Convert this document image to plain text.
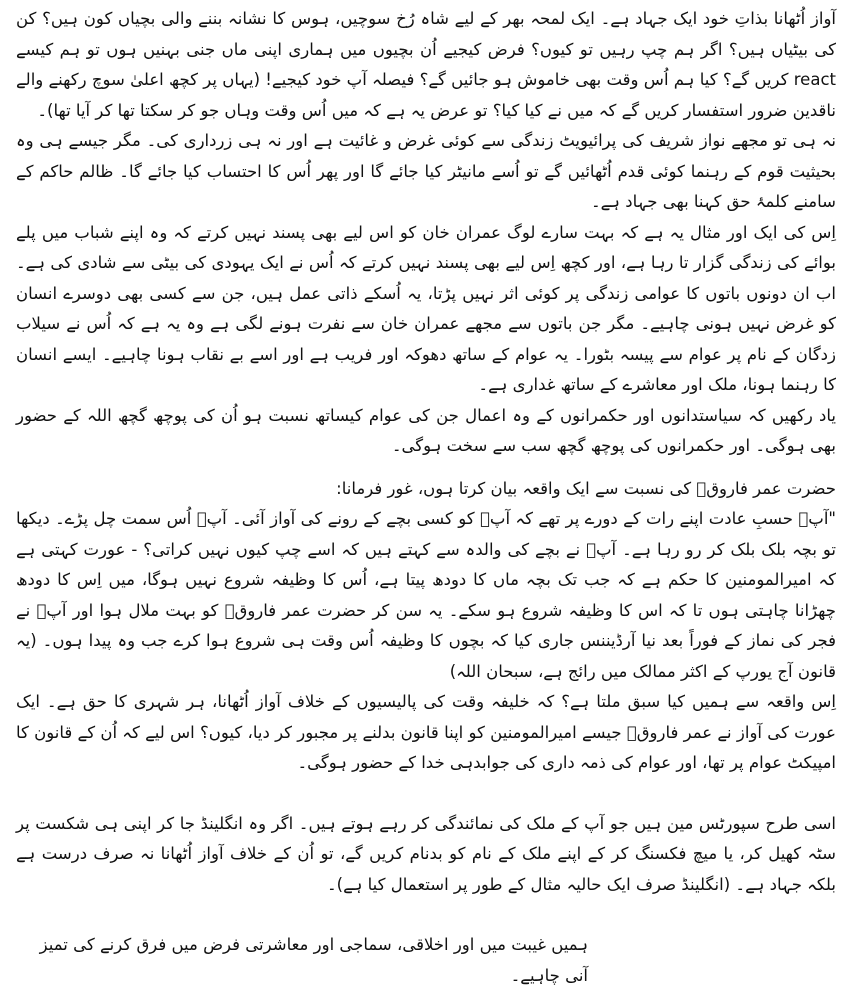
آواز اُٹھانا بذاتِ خود ایک جہاد ہے۔ ایک لمحہ بھر کے لیے شاہ رُخ سوچیں، ہوس کا نشانہ بننے والی بچیاں کون ہیں؟ کن کی بیٹیاں ہیں؟ اگر ہم چپ رہیں تو کیوں؟ فرض کیجیے اُن بچیوں میں ہماری اپنی ماں جنی بہنیں ہوں تو ہم کیسے react کریں گے؟ کیا ہم اُس وقت بھی خاموش ہو جائیں گے؟ فیصلہ آپ خود کیجیے! (یہاں پر کچھ اعلیٰ سوچ رکھنے والے ناقدین ضرور استفسار کریں گے کہ میں نے کیا کیا؟ تو عرض یہ ہے کہ میں اُس وقت وہاں جو کر سکتا تھا کر آیا تھا)۔

نہ ہی تو مجھے نواز شریف کی پرائیویٹ زندگی سے کوئی غرض و غائیت ہے اور نہ ہی زرداری کی۔ مگر جیسے ہی وہ بحیثیت قوم کے رہنما کوئی قدم اُٹھائیں گے تو اُسے مانیٹر کیا جائے گا اور پھر اُس کا احتساب کیا جائے گا۔ ظالم حاکم کے سامنے کلمۂ حق کہنا بھی جہاد ہے۔

اِس کی ایک اور مثال یہ ہے کہ بہت سارے لوگ عمران خان کو اس لیے بھی پسند نہیں کرتے کہ وہ اپنے شباب میں پلے بوائے کی زندگی گزار تا رہا ہے، اور کچھ اِس لیے بھی پسند نہیں کرتے کہ اُس نے ایک یہودی کی بیٹی سے شادی کی ہے۔ اب ان دونوں باتوں کا عوامی زندگی پر کوئی اثر نہیں پڑتا، یہ اُسکے ذاتی عمل ہیں، جن سے کسی بھی دوسرے انسان کو غرض نہیں ہونی چاہیے۔ مگر جن باتوں سے مجھے عمران خان سے نفرت ہونے لگی ہے وہ یہ ہے کہ اُس نے سیلاب زدگان کے نام پر عوام سے پیسہ بٹورا۔ یہ عوام کے ساتھ دھوکہ اور فریب ہے اور اسے بے نقاب ہونا چاہیے۔ ایسے انسان کا رہنما ہونا، ملک اور معاشرے کے ساتھ غداری ہے۔

یاد رکھیں کہ سیاستدانوں اور حکمرانوں کے وہ اعمال جن کی عوام کیساتھ نسبت ہو اُن کی پوچھ گچھ اللہ کے حضور بھی ہوگی۔ اور حکمرانوں کی پوچھ گچھ سب سے سخت ہوگی۔

حضرت عمر فاروقؓ کی نسبت سے ایک واقعہ بیان کرتا ہوں، غور فرمانا:

"آپؓ حسبِ عادت اپنے رات کے دورے پر تھے کہ آپؓ کو کسی بچے کے رونے کی آواز آئی۔ آپؓ اُس سمت چل پڑے۔ دیکھا تو بچہ بلک بلک کر رو رہا ہے۔ آپؓ نے بچے کی والدہ سے کہتے ہیں کہ اسے چپ کیوں نہیں کراتی؟ - عورت کہتی ہے کہ امیرالمومنین کا حکم ہے کہ جب تک بچہ ماں کا دودھ پیتا ہے، اُس کا وظیفہ شروع نہیں ہوگا، میں اِس کا دودھ چھڑانا چاہتی ہوں تا کہ اس کا وظیفہ شروع ہو سکے۔ یہ سن کر حضرت عمر فاروقؓ کو بہت ملال ہوا اور آپؓ نے فجر کی نماز کے فوراً بعد نیا آرڈیننس جاری کیا کہ بچوں کا وظیفہ اُس وقت ہی شروع ہوا کرے جب وہ پیدا ہوں۔ (یہ قانون آج یورپ کے اکثر ممالک میں رائج ہے، سبحان اللہ)

اِس واقعہ سے ہمیں کیا سبق ملتا ہے؟ کہ خلیفہ وقت کی پالیسیوں کے خلاف آواز اُٹھانا، ہر شہری کا حق ہے۔ ایک عورت کی آواز نے عمر فاروقؓ جیسے امیرالمومنین کو اپنا قانون بدلنے پر مجبور کر دیا، کیوں؟ اس لیے کہ اُن کے قانون کا امپیکٹ عوام پر تھا، اور عوام کی ذمہ داری کی جوابدہی خدا کے حضور ہوگی۔

اسی طرح سپورٹس مین ہیں جو آپ کے ملک کی نمائندگی کر رہے ہوتے ہیں۔ اگر وہ انگلینڈ جا کر اپنی ہی شکست پر سٹہ کھیل کر، یا میچ فکسنگ کر کے اپنے ملک کے نام کو بدنام کریں گے، تو اُن کے خلاف آواز اُٹھانا نہ صرف درست ہے بلکہ جہاد ہے۔ (انگلینڈ صرف ایک حالیہ مثال کے طور پر استعمال کیا ہے)۔

ہمیں غیبت میں اور اخلاقی، سماجی اور معاشرتی فرض میں فرق کرنے کی تمیز آنی چاہیے۔
